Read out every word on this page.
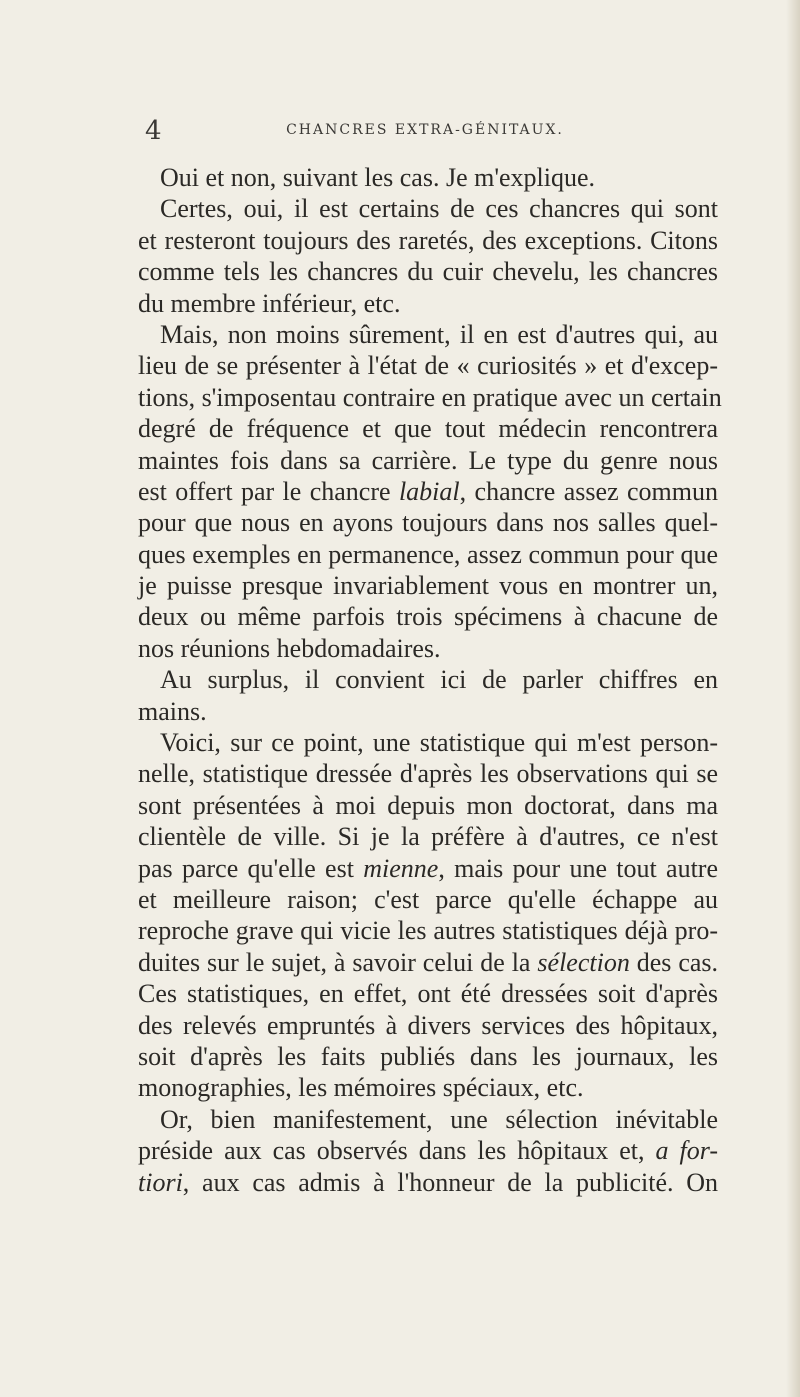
4	CHANCRES EXTRA-GÉNITAUX.
Oui et non, suivant les cas. Je m'explique.
Certes, oui, il est certains de ces chancres qui sont
et resteront toujours des raretés, des exceptions. Citons
comme tels les chancres du cuir chevelu, les chancres
du membre inférieur, etc.
Mais, non moins sûrement, il en est d'autres qui, au
lieu de se présenter à l'état de « curiosités » et d'excep-
tions, s'imposentau contraire en pratique avec un certain
degré de fréquence et que tout médecin rencontrera
maintes fois dans sa carrière. Le type du genre nous
est offert par le chancre labial, chancre assez commun
pour que nous en ayons toujours dans nos salles quel-
ques exemples en permanence, assez commun pour que
je puisse presque invariablement vous en montrer un,
deux ou même parfois trois spécimens à chacune de
nos réunions hebdomadaires.
Au surplus, il convient ici de parler chiffres en
mains.
Voici, sur ce point, une statistique qui m'est person-
nelle, statistique dressée d'après les observations qui se
sont présentées à moi depuis mon doctorat, dans ma
clientèle de ville. Si je la préfère à d'autres, ce n'est
pas parce qu'elle est mienne, mais pour une tout autre
et meilleure raison; c'est parce qu'elle échappe au
reproche grave qui vicie les autres statistiques déjà pro-
duites sur le sujet, à savoir celui de la sélection des cas.
Ces statistiques, en effet, ont été dressées soit d'après
des relevés empruntés à divers services des hôpitaux,
soit d'après les faits publiés dans les journaux, les
monographies, les mémoires spéciaux, etc.
Or, bien manifestement, une sélection inévitable
préside aux cas observés dans les hôpitaux et, a for-
tiori, aux cas admis à l'honneur de la publicité. On
